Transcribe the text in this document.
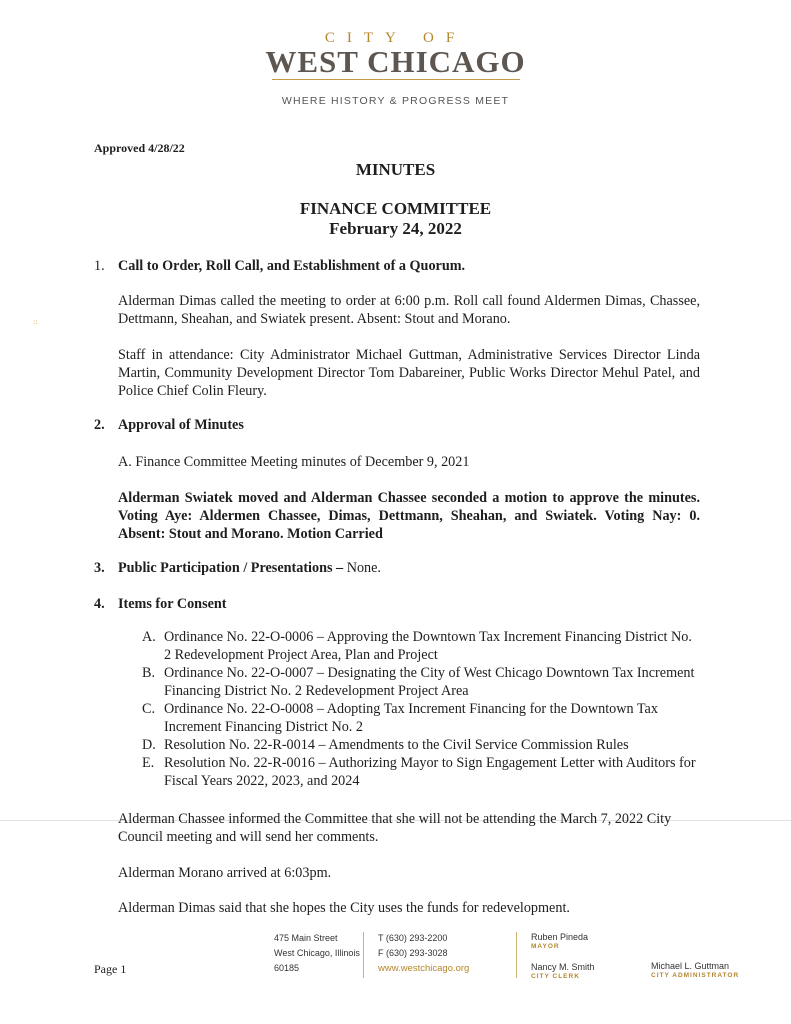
CITY OF
WEST CHICAGO
WHERE HISTORY & PROGRESS MEET
::
Approved 4/28/22
MINUTES
FINANCE COMMITTEE
February 24, 2022
1. Call to Order, Roll Call, and Establishment of a Quorum.
Alderman Dimas called the meeting to order at 6:00 p.m. Roll call found Aldermen Dimas, Chassee, Dettmann, Sheahan, and Swiatek present. Absent: Stout and Morano.
Staff in attendance: City Administrator Michael Guttman, Administrative Services Director Linda Martin, Community Development Director Tom Dabareiner, Public Works Director Mehul Patel, and Police Chief Colin Fleury.
2. Approval of Minutes
A. Finance Committee Meeting minutes of December 9, 2021
Alderman Swiatek moved and Alderman Chassee seconded a motion to approve the minutes. Voting Aye: Aldermen Chassee, Dimas, Dettmann, Sheahan, and Swiatek. Voting Nay: 0. Absent: Stout and Morano. Motion Carried
3. Public Participation / Presentations – None.
4. Items for Consent
A. Ordinance No. 22-O-0006 – Approving the Downtown Tax Increment Financing District No. 2 Redevelopment Project Area, Plan and Project
B. Ordinance No. 22-O-0007 – Designating the City of West Chicago Downtown Tax Increment Financing District No. 2 Redevelopment Project Area
C. Ordinance No. 22-O-0008 – Adopting Tax Increment Financing for the Downtown Tax Increment Financing District No. 2
D. Resolution No. 22-R-0014 – Amendments to the Civil Service Commission Rules
E. Resolution No. 22-R-0016 – Authorizing Mayor to Sign Engagement Letter with Auditors for Fiscal Years 2022, 2023, and 2024
Alderman Chassee informed the Committee that she will not be attending the March 7, 2022 City Council meeting and will send her comments.
Alderman Morano arrived at 6:03pm.
Alderman Dimas said that she hopes the City uses the funds for redevelopment.
Page 1
475 Main Street
West Chicago, Illinois
60185
T (630) 293-2200
F (630) 293-3028
www.westchicago.org
Ruben Pineda
MAYOR
Nancy M. Smith
CITY CLERK
Michael L. Guttman
CITY ADMINISTRATOR
